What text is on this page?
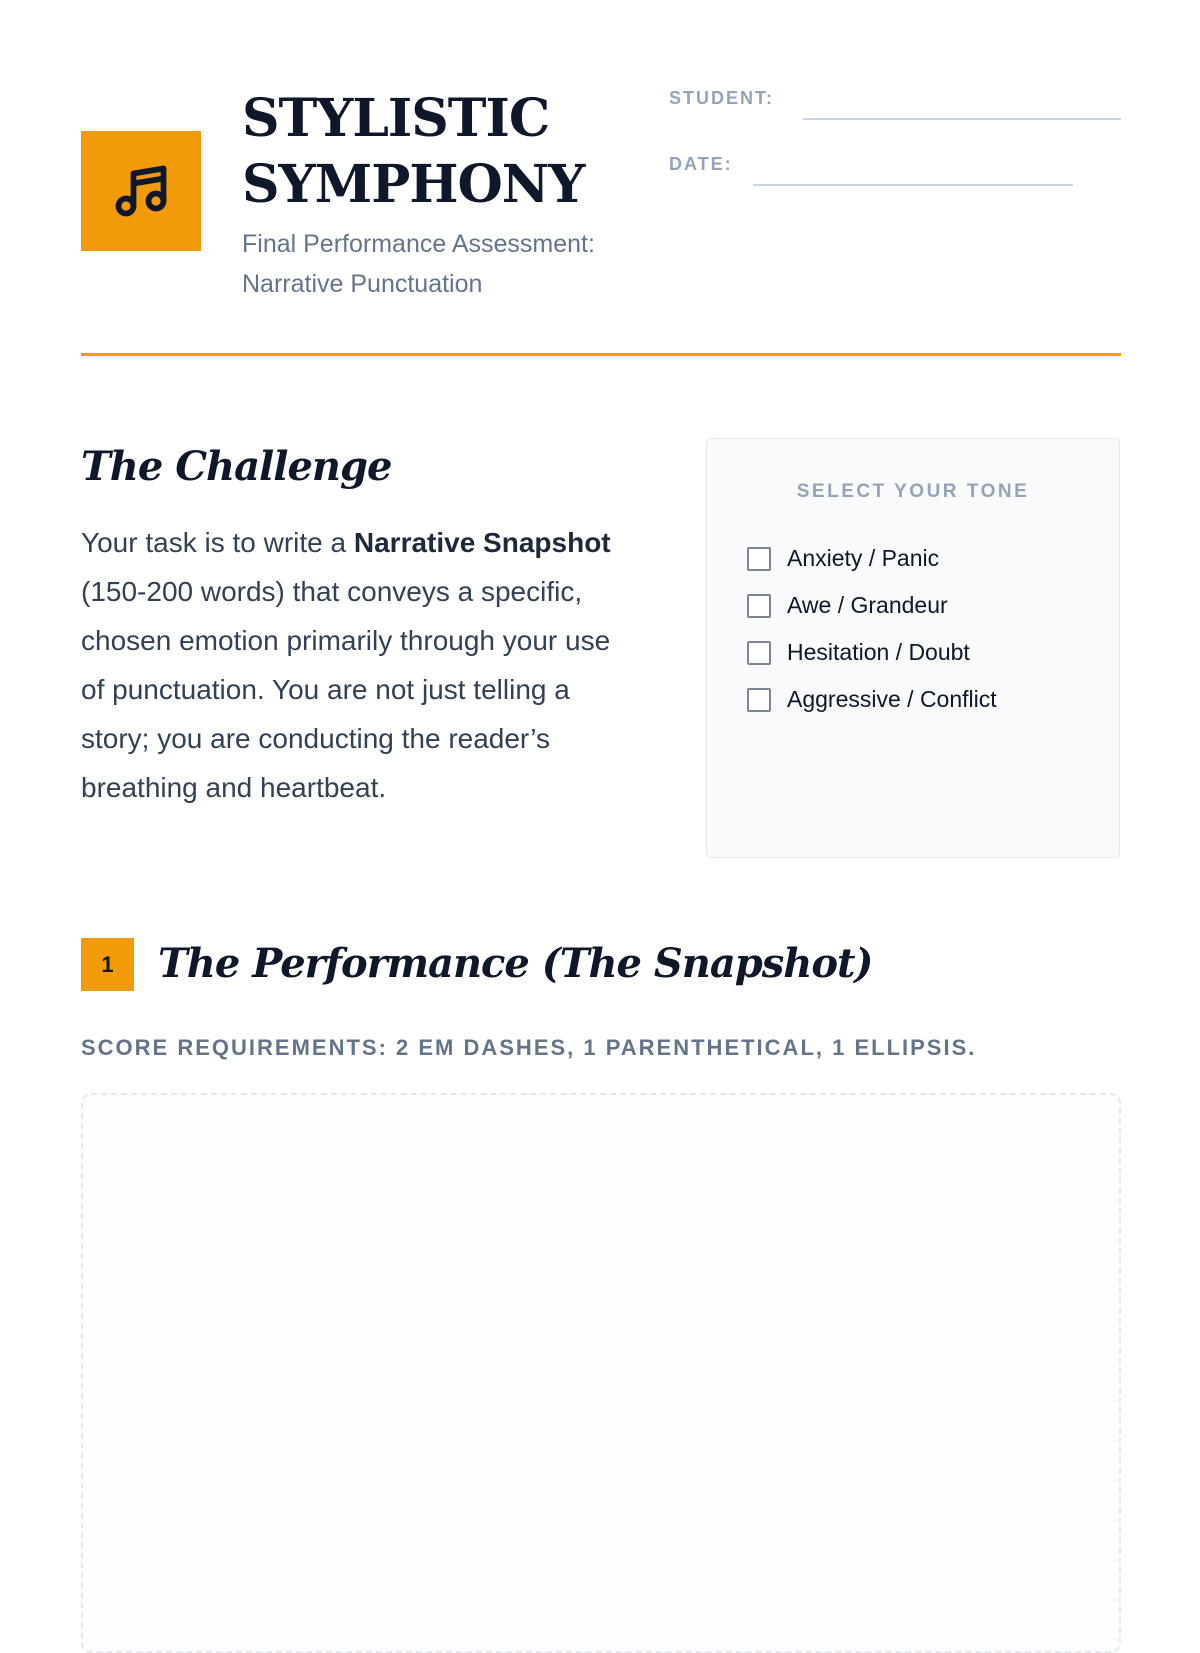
STYLISTIC
SYMPHONY
Final Performance Assessment:
Narrative Punctuation
STUDENT:
DATE:
The Challenge

Your task is to write a Narrative Snapshot (150-200 words) that conveys a specific, chosen emotion primarily through your use of punctuation. You are not just telling a story; you are conducting the reader’s breathing and heartbeat.

SELECT YOUR TONE
Anxiety / Panic
Awe / Grandeur
Hesitation / Doubt
Aggressive / Conflict
1	The Performance (The Snapshot)
SCORE REQUIREMENTS: 2 EM DASHES, 1 PARENTHETICAL, 1 ELLIPSIS.
